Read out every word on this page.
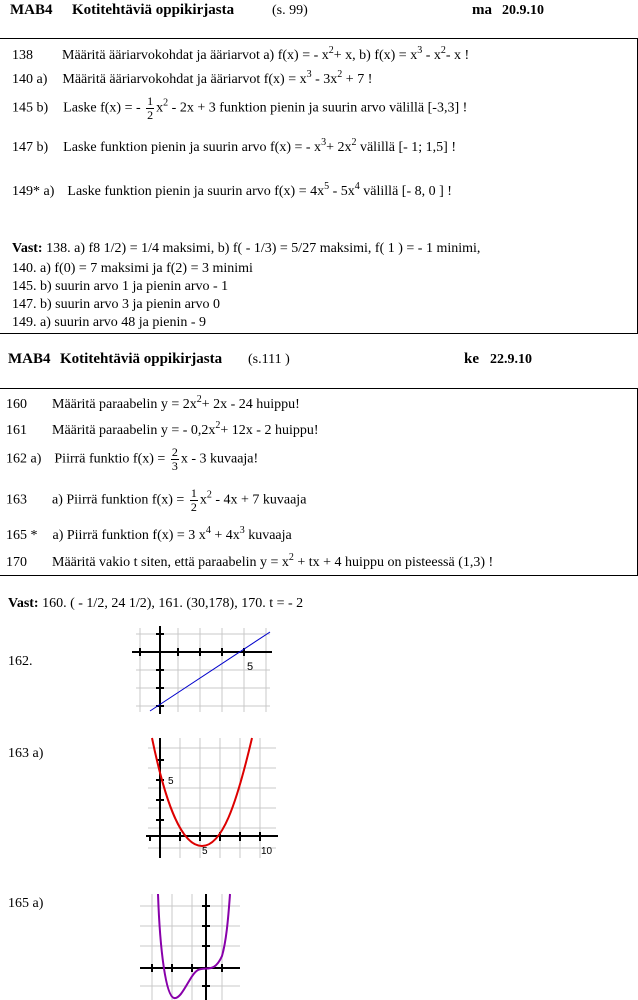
MAB4 Kotitehtäviä oppikirjasta	(s. 99)	ma 20.9.10
138 Määritä ääriarvokohdat ja ääriarvot a) f(x) = - $x^2+ x$, b) $f(x) = x^3 - x^2-$ x !
140 a) Määritä ääriarvokohdat ja ääriarvot $f(x) = x^3 - 3x^2 + 7$ !
145 b) Laske f(x) = - $\frac{1}{2} x^2 - 2x + 3$ funktion pienin ja suurin arvo välillä [-3,3] !
147 b) Laske funktion pienin ja suurin arvo f(x) = - $x^3+ 2x^2$ välillä [- 1; 1,5] !
149* a) Laske funktion pienin ja suurin arvo $f(x) = 4x^5 - 5x^4$ välillä [- 8, 0 ] !
Vast: 138. a) f8 1/2) = 1/4 maksimi, b) f( - 1/3) = 5/27 maksimi, f( 1 ) = - 1 minimi,
140. a) f(0) = 7 maksimi ja f(2) = 3 minimi
145. b) suurin arvo 1 ja pienin arvo - 1
147. b) suurin arvo 3 ja pienin arvo 0
149. a) suurin arvo 48 ja pienin - 9
MAB4 Kotitehtäviä oppikirjasta (s.111 )	ke 22.9.10
160 Määritä paraabelin $y = 2x^2+ 2x - 24$ huippu!
161 Määritä paraabelin y = - $0,2x^2+ 12x - 2$ huippu!
162 a) Piirrä funktio $f(x) = \frac{2}{3}$ x - 3 kuvaaja!
163 a) Piirrä funktion $f(x) = \frac{1}{2} x^2 - 4x + 7$ kuvaaja
165 * a) Piirrä funktion f(x) = 3 $x^4 + 4x^3$ kuvaaja
170 Määritä vakio t siten, että paraabelin $y = x^2$ + tx + 4 huippu on pisteessä (1,3) !
Vast: 160. ( - 1/2, 24 1/2), 161. (30,178), 170. t = - 2
162.	5
163 a)
5
5	10
165 a)
